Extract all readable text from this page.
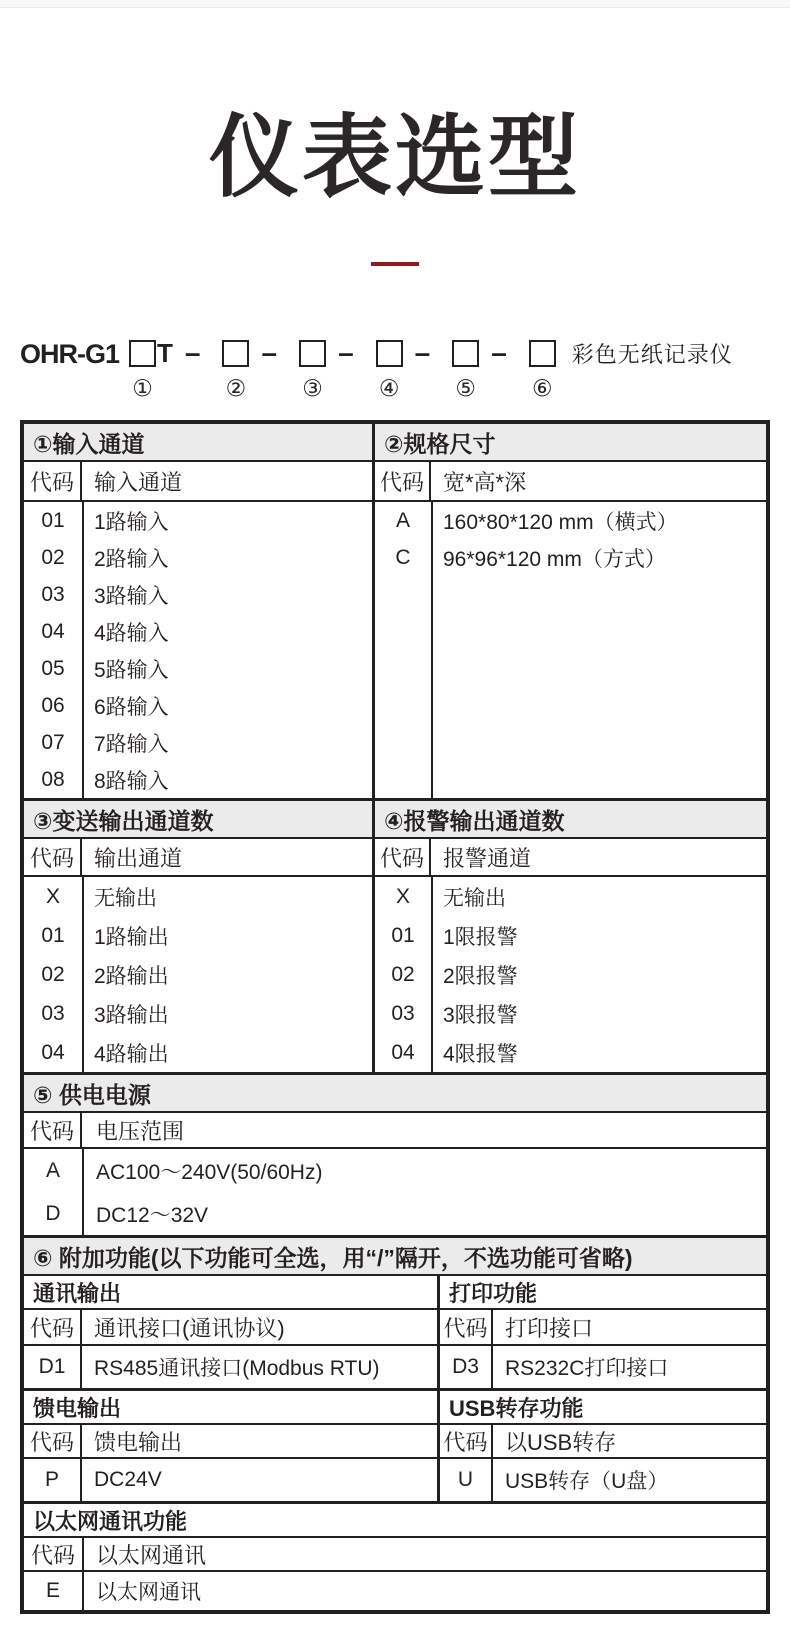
仪表选型
OHR-G1 T
①
–
②
–
③
–
④
–
⑤
–
⑥
彩色无纸记录仪
①输入通道
代码 输入通道
01	1路输入
02	2路输入
03	3路输入
04	4路输入
05	5路输入
06	6路输入
07	7路输入
08	8路输入
②规格尺寸
代码 宽*高*深
A	160*80*120 mm（横式）
C	96*96*120 mm（方式）
③变送输出通道数
代码 输出通道
X	无输出
01	1路输出
02	2路输出
03	3路输出
04	4路输出
④报警输出通道数
代码 报警通道
X	无输出
01	1限报警
02	2限报警
03	3限报警
04	4限报警
⑤ 供电电源
代码	电压范围
A	AC100～240V(50/60Hz)
D	DC12～32V
⑥ 附加功能(以下功能可全选，用“/”隔开，不选功能可省略)
通讯输出
代码 通讯接口(通讯协议)
D1	RS485通讯接口(Modbus RTU)
打印功能
代码 打印接口
D3	RS232C打印接口
馈电输出
代码 馈电输出
P	DC24V
USB转存功能
代码 以USB转存
U	USB转存（U盘）
以太网通讯功能
代码 以太网通讯
E	以太网通讯
